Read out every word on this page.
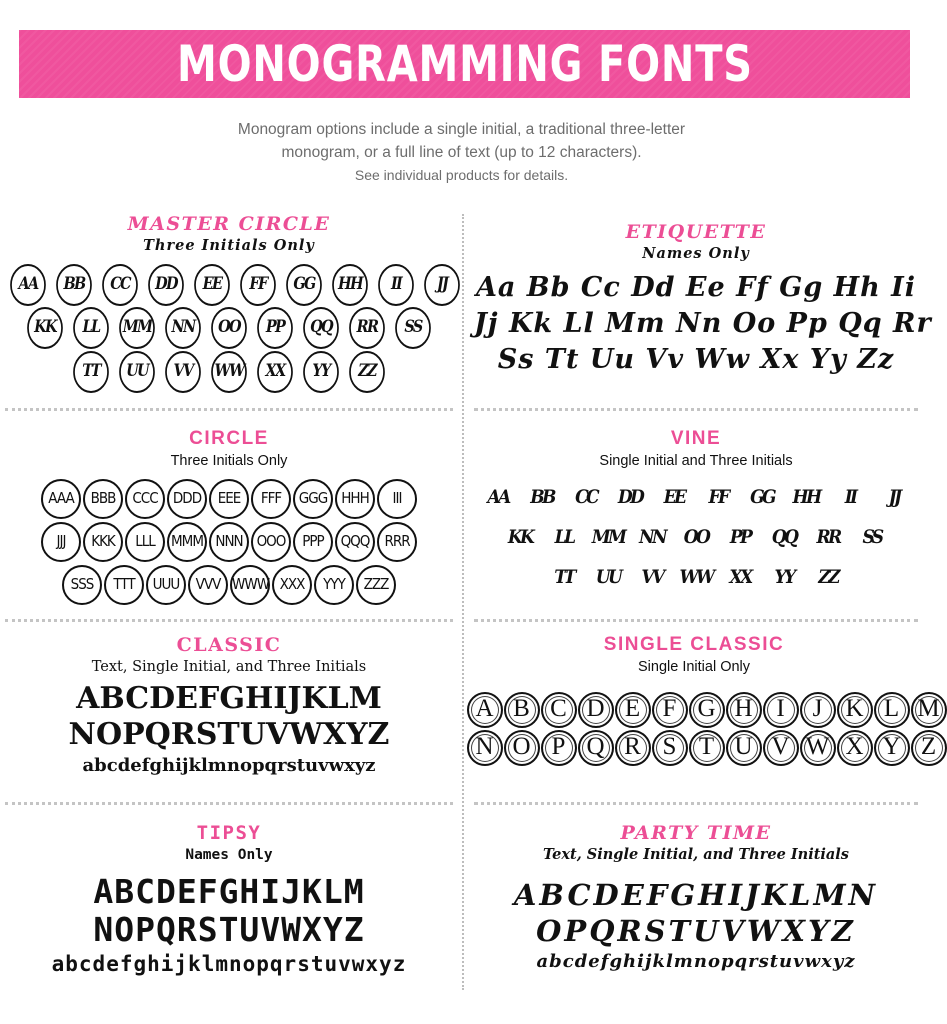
MONOGRAMMING FONTS
Monogram options include a single initial, a traditional three-letter
monogram, or a full line of text (up to 12 characters).
See individual products for details.
MASTER CIRCLE
Three Initials Only
AA BB CC DD EE FF GG HH II JJ
KK LL MM NN OO PP QQ RR SS
TT UU VV WW XX YY ZZ
ETIQUETTE
Names Only
Aa Bb Cc Dd Ee Ff Gg Hh Ii
Jj Kk Ll Mm Nn Oo Pp Qq Rr
Ss Tt Uu Vv Ww Xx Yy Zz
CIRCLE
Three Initials Only
AAA BBB CCC DDD EEE FFF GGG HHH III
JJJ KKK LLL MMM NNN OOO PPP QQQ RRR
SSS TTT UUU VVV WWW XXX YYY ZZZ
VINE
Single Initial and Three Initials
AA BB CC DD EE FF GG HH II JJ
KK LL MM NN OO PP QQ RR SS
TT UU VV WW XX YY ZZ
CLASSIC
Text, Single Initial, and Three Initials
ABCDEFGHIJKLM
NOPQRSTUVWXYZ
abcdefghijklmnopqrstuvwxyz
SINGLE CLASSIC
Single Initial Only
A B C D E F G H I J K L M
N O P Q R S T U V W X Y Z
TIPSY
Names Only
ABCDEFGHIJKLM
NOPQRSTUVWXYZ
abcdefghijklmnopqrstuvwxyz
PARTY TIME
Text, Single Initial, and Three Initials
ABCDEFGHIJKLMN
OPQRSTUVWXYZ
abcdefghijklmnopqrstuvwxyz
